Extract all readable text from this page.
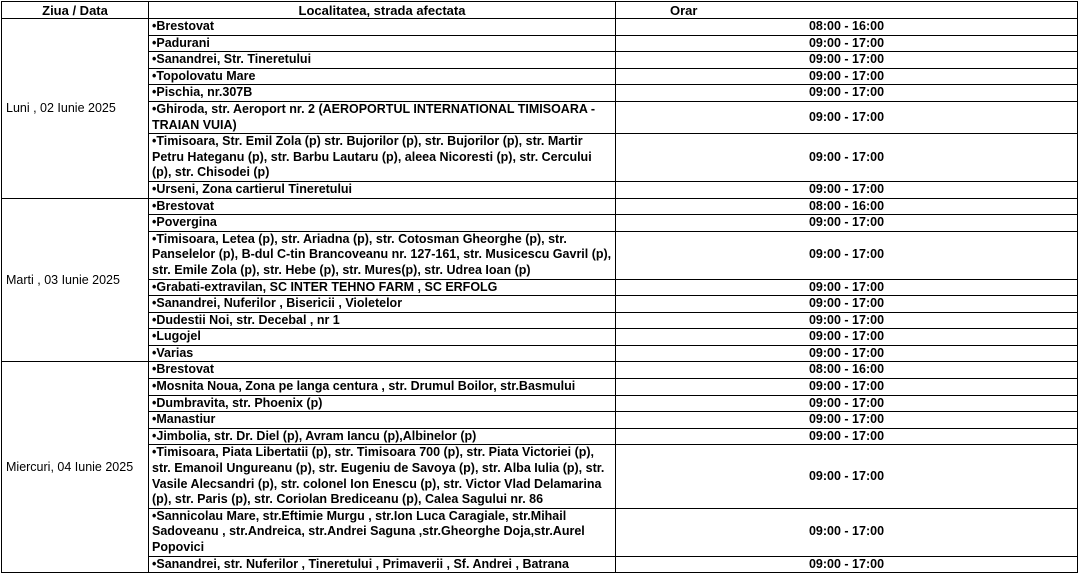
Ziua / Data	Localitatea, strada afectata	Orar
Luni , 02 Iunie 2025	•Brestovat	08:00 - 16:00
	•Padurani	09:00 - 17:00
	•Sanandrei, Str. Tineretului	09:00 - 17:00
	•Topolovatu Mare	09:00 - 17:00
	•Pischia, nr.307B	09:00 - 17:00
	•Ghiroda, str. Aeroport nr. 2 (AEROPORTUL INTERNATIONAL TIMISOARA - TRAIAN VUIA)	09:00 - 17:00
	•Timisoara, Str. Emil Zola (p) str. Bujorilor (p), str. Bujorilor (p), str. Martir Petru Hateganu (p), str. Barbu Lautaru (p), aleea Nicoresti (p), str. Cercului (p), str. Chisodei (p)	09:00 - 17:00
	•Urseni, Zona cartierul Tineretului	09:00 - 17:00
Marti , 03 Iunie 2025	•Brestovat	08:00 - 16:00
	•Povergina	09:00 - 17:00
	•Timisoara, Letea (p), str. Ariadna (p), str. Cotosman Gheorghe (p), str. Panselelor (p), B-dul C-tin Brancoveanu nr. 127-161, str. Musicescu Gavril (p), str. Emile Zola (p), str. Hebe (p), str. Mures(p), str. Udrea Ioan (p)	09:00 - 17:00
	•Grabati-extravilan, SC INTER TEHNO FARM , SC ERFOLG	09:00 - 17:00
	•Sanandrei, Nuferilor , Bisericii , Violetelor	09:00 - 17:00
	•Dudestii Noi, str. Decebal , nr 1	09:00 - 17:00
	•Lugojel	09:00 - 17:00
	•Varias	09:00 - 17:00
Miercuri, 04 Iunie 2025	•Brestovat	08:00 - 16:00
	•Mosnita Noua, Zona pe langa centura , str. Drumul Boilor, str.Basmului	09:00 - 17:00
	•Dumbravita, str. Phoenix (p)	09:00 - 17:00
	•Manastiur	09:00 - 17:00
	•Jimbolia, str. Dr. Diel (p), Avram Iancu (p),Albinelor (p)	09:00 - 17:00
	•Timisoara, Piata Libertatii (p), str. Timisoara 700 (p), str. Piata Victoriei (p), str. Emanoil Ungureanu (p), str. Eugeniu de Savoya (p), str. Alba Iulia (p), str. Vasile Alecsandri (p), str. colonel Ion Enescu (p), str. Victor Vlad Delamarina (p), str. Paris (p), str. Coriolan Brediceanu (p), Calea Sagului nr. 86	09:00 - 17:00
	•Sannicolau Mare, str.Eftimie Murgu , str.Ion Luca Caragiale, str.Mihail Sadoveanu , str.Andreica, str.Andrei Saguna ,str.Gheorghe Doja,str.Aurel Popovici	09:00 - 17:00
	•Sanandrei, str. Nuferilor , Tineretului , Primaverii , Sf. Andrei , Batrana	09:00 - 17:00
